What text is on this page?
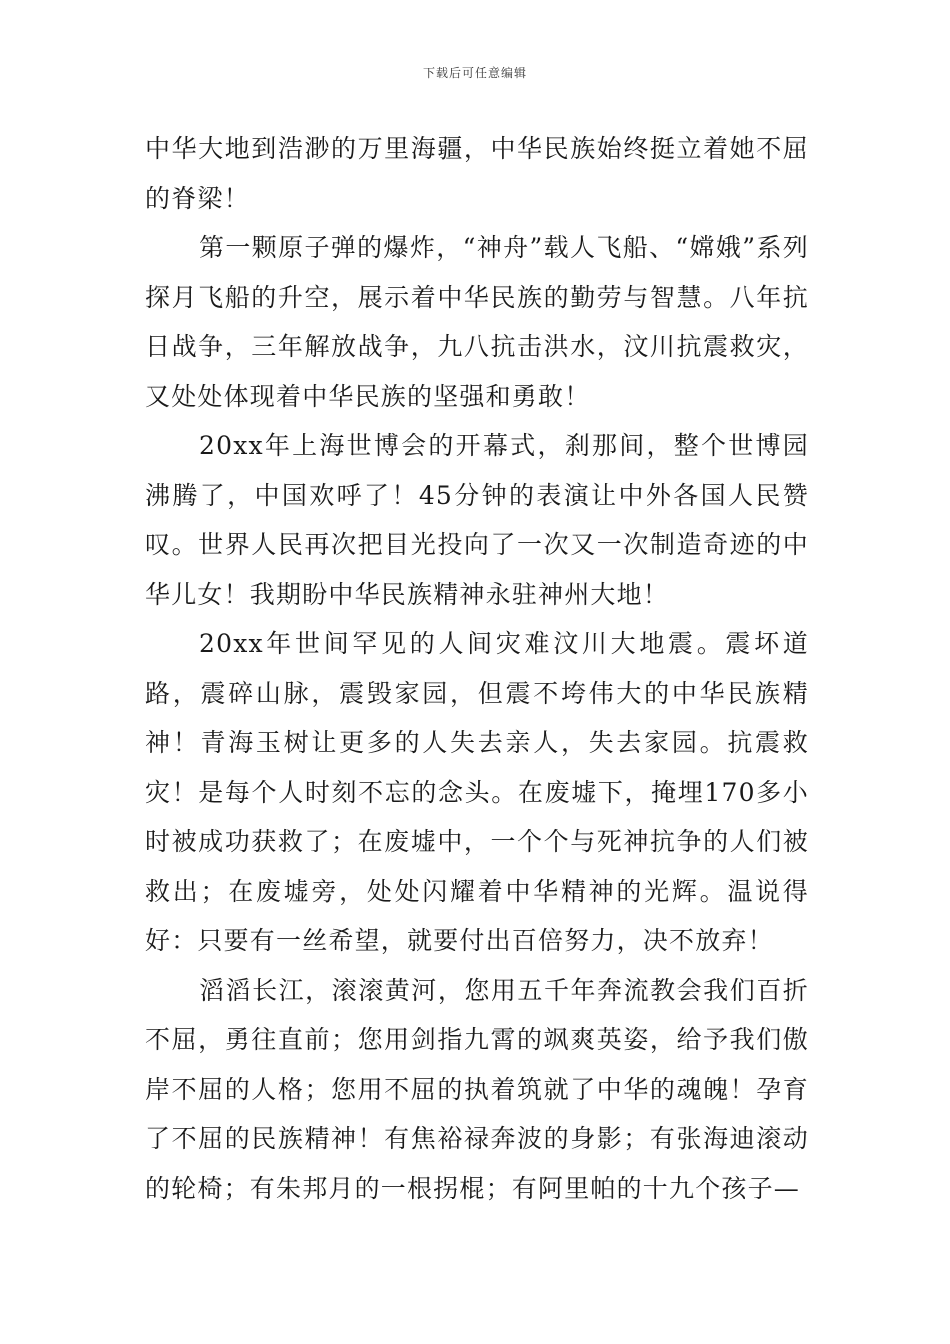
下载后可任意编辑

中华大地到浩渺的万里海疆，中华民族始终挺立着她不屈的脊梁！

第一颗原子弹的爆炸，“神舟”载人飞船、“嫦娥”系列探月飞船的升空，展示着中华民族的勤劳与智慧。八年抗日战争，三年解放战争，九八抗击洪水，汶川抗震救灾，又处处体现着中华民族的坚强和勇敢！

20xx年上海世博会的开幕式，刹那间，整个世博园沸腾了，中国欢呼了！45分钟的表演让中外各国人民赞叹。世界人民再次把目光投向了一次又一次制造奇迹的中华儿女！我期盼中华民族精神永驻神州大地！

20xx年世间罕见的人间灾难汶川大地震。震坏道路，震碎山脉，震毁家园，但震不垮伟大的中华民族精神！青海玉树让更多的人失去亲人，失去家园。抗震救灾！是每个人时刻不忘的念头。在废墟下，掩埋170多小时被成功获救了；在废墟中，一个个与死神抗争的人们被救出；在废墟旁，处处闪耀着中华精神的光辉。温说得好：只要有一丝希望，就要付出百倍努力，决不放弃！

滔滔长江，滚滚黄河，您用五千年奔流教会我们百折不屈，勇往直前；您用剑指九霄的飒爽英姿，给予我们傲岸不屈的人格；您用不屈的执着筑就了中华的魂魄！孕育了不屈的民族精神！有焦裕禄奔波的身影；有张海迪滚动的轮椅；有朱邦月的一根拐棍；有阿里帕的十九个孩子—
